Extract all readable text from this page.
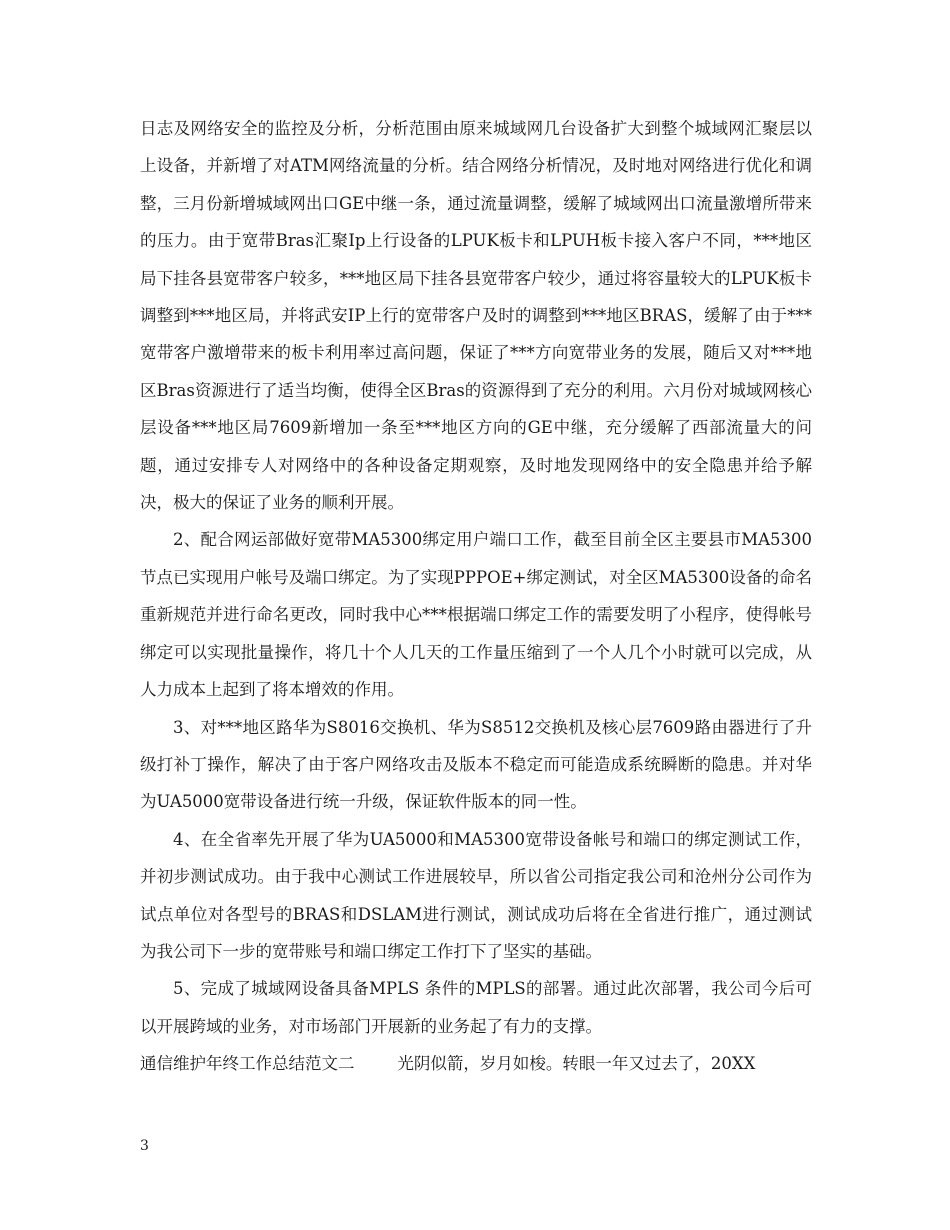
日志及网络安全的监控及分析，分析范围由原来城域网几台设备扩大到整个城域网汇聚层以上设备，并新增了对ATM网络流量的分析。结合网络分析情况，及时地对网络进行优化和调整，三月份新增城域网出口GE中继一条，通过流量调整，缓解了城域网出口流量激增所带来的压力。由于宽带Bras汇聚Ip上行设备的LPUK板卡和LPUH板卡接入客户不同，***地区局下挂各县宽带客户较多，***地区局下挂各县宽带客户较少，通过将容量较大的LPUK板卡调整到***地区局，并将武安IP上行的宽带客户及时的调整到***地区BRAS，缓解了由于***宽带客户激增带来的板卡利用率过高问题，保证了***方向宽带业务的发展，随后又对***地区Bras资源进行了适当均衡，使得全区Bras的资源得到了充分的利用。六月份对城域网核心层设备***地区局7609新增加一条至***地区方向的GE中继，充分缓解了西部流量大的问题，通过安排专人对网络中的各种设备定期观察，及时地发现网络中的安全隐患并给予解决，极大的保证了业务的顺利开展。

2、配合网运部做好宽带MA5300绑定用户端口工作，截至目前全区主要县市MA5300节点已实现用户帐号及端口绑定。为了实现PPPOE+绑定测试，对全区MA5300设备的命名重新规范并进行命名更改，同时我中心***根据端口绑定工作的需要发明了小程序，使得帐号绑定可以实现批量操作，将几十个人几天的工作量压缩到了一个人几个小时就可以完成，从人力成本上起到了将本增效的作用。

3、对***地区路华为S8016交换机、华为S8512交换机及核心层7609路由器进行了升级打补丁操作，解决了由于客户网络攻击及版本不稳定而可能造成系统瞬断的隐患。并对华为UA5000宽带设备进行统一升级，保证软件版本的同一性。

4、在全省率先开展了华为UA5000和MA5300宽带设备帐号和端口的绑定测试工作，并初步测试成功。由于我中心测试工作进展较早，所以省公司指定我公司和沧州分公司作为试点单位对各型号的BRAS和DSLAM进行测试，测试成功后将在全省进行推广，通过测试为我公司下一步的宽带账号和端口绑定工作打下了坚实的基础。

5、完成了城域网设备具备MPLS 条件的MPLS的部署。通过此次部署，我公司今后可以开展跨域的业务，对市场部门开展新的业务起了有力的支撑。

通信维护年终工作总结范文二	光阴似箭，岁月如梭。转眼一年又过去了，20XX

3
